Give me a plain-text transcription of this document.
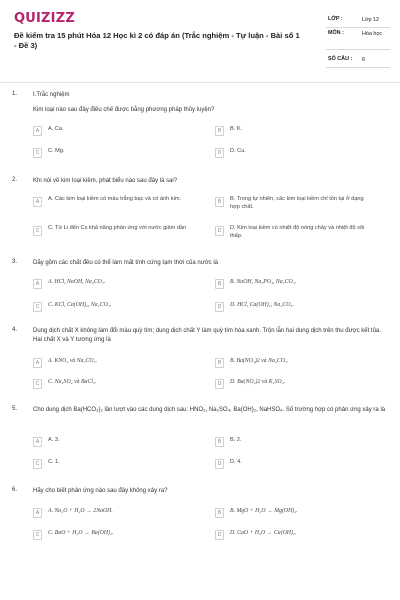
QUIZIZZ
Đề kiểm tra 15 phút Hóa 12 Học kì 2 có đáp án (Trắc nghiệm - Tự luận - Bài số 1 - Đề 3)
LỚP :	Lớp 12
MÔN :	Hóa học
SỐ CÂU : 6
1.	I.Trắc nghiệm
Kim loại nào sau đây điều chế được bằng phương pháp thủy luyện?
A	A. Ca.	B	B. K.
C	C. Mg.	D	D. Cu.
2.	Khi nói về kim loại kiềm, phát biểu nào sau đây là sai?
A	A. Các kim loại kiềm có màu trắng bạc và có ánh kim.	B	B. Trong tự nhiên, các kim loại kiềm chỉ tồn tại ở dạng hợp chất.
C	C. Từ Li đến Cs khả năng phản ứng với nước giảm dần	D	D. Kim loại kiềm có nhiệt độ nóng chảy và nhiệt độ sôi thấp.
3.	Dãy gồm các chất đều có thể làm mất tính cứng tạm thời của nước là
A	A. HCl, NaOH, Na₂CO₃.	B	B. NaOH, Na₃PO₄, Na₂CO₃.
C	C. KCl, Ca(OH)₂, Na₂CO₃.	D	D. HCl, Ca(OH)₂, Na₂CO₃.
4.	Dung dịch chất X không làm đổi màu quỳ tím; dung dịch chất Y làm quỳ tím hóa xanh. Trộn lẫn hai dung dịch trên thu được kết tủa. Hai chất X và Y tương ứng là
A	A. KNO₃ và Na₂CO₃.	B	B. Ba(NO₃)2 và Na₂CO₃.
C	C. Na₂SO₄ và BaCl₂.	D	D. Ba(NO₃)2 và K₂SO₄.
5.	Cho dung dịch Ba(HCO₃)₂ lần lượt vào các dung dịch sau: HNO₃, Na₂SO₄, Ba(OH)₂, NaHSO₄. Số trường hợp có phản ứng xảy ra là
A	A. 3.	B	B. 2.
C	C. 1.	D	D. 4.
6.	Hãy cho biết phản ứng nào sau đây không xảy ra?
A	A. Na₂O + H₂O → 2NaOH.	B	B. MgO + H₂O → Mg(OH)₂.
C	C. BaO + H₂O → Ba(OH)₂.	D	D. CaO + H₂O → Ca(OH)₂.
